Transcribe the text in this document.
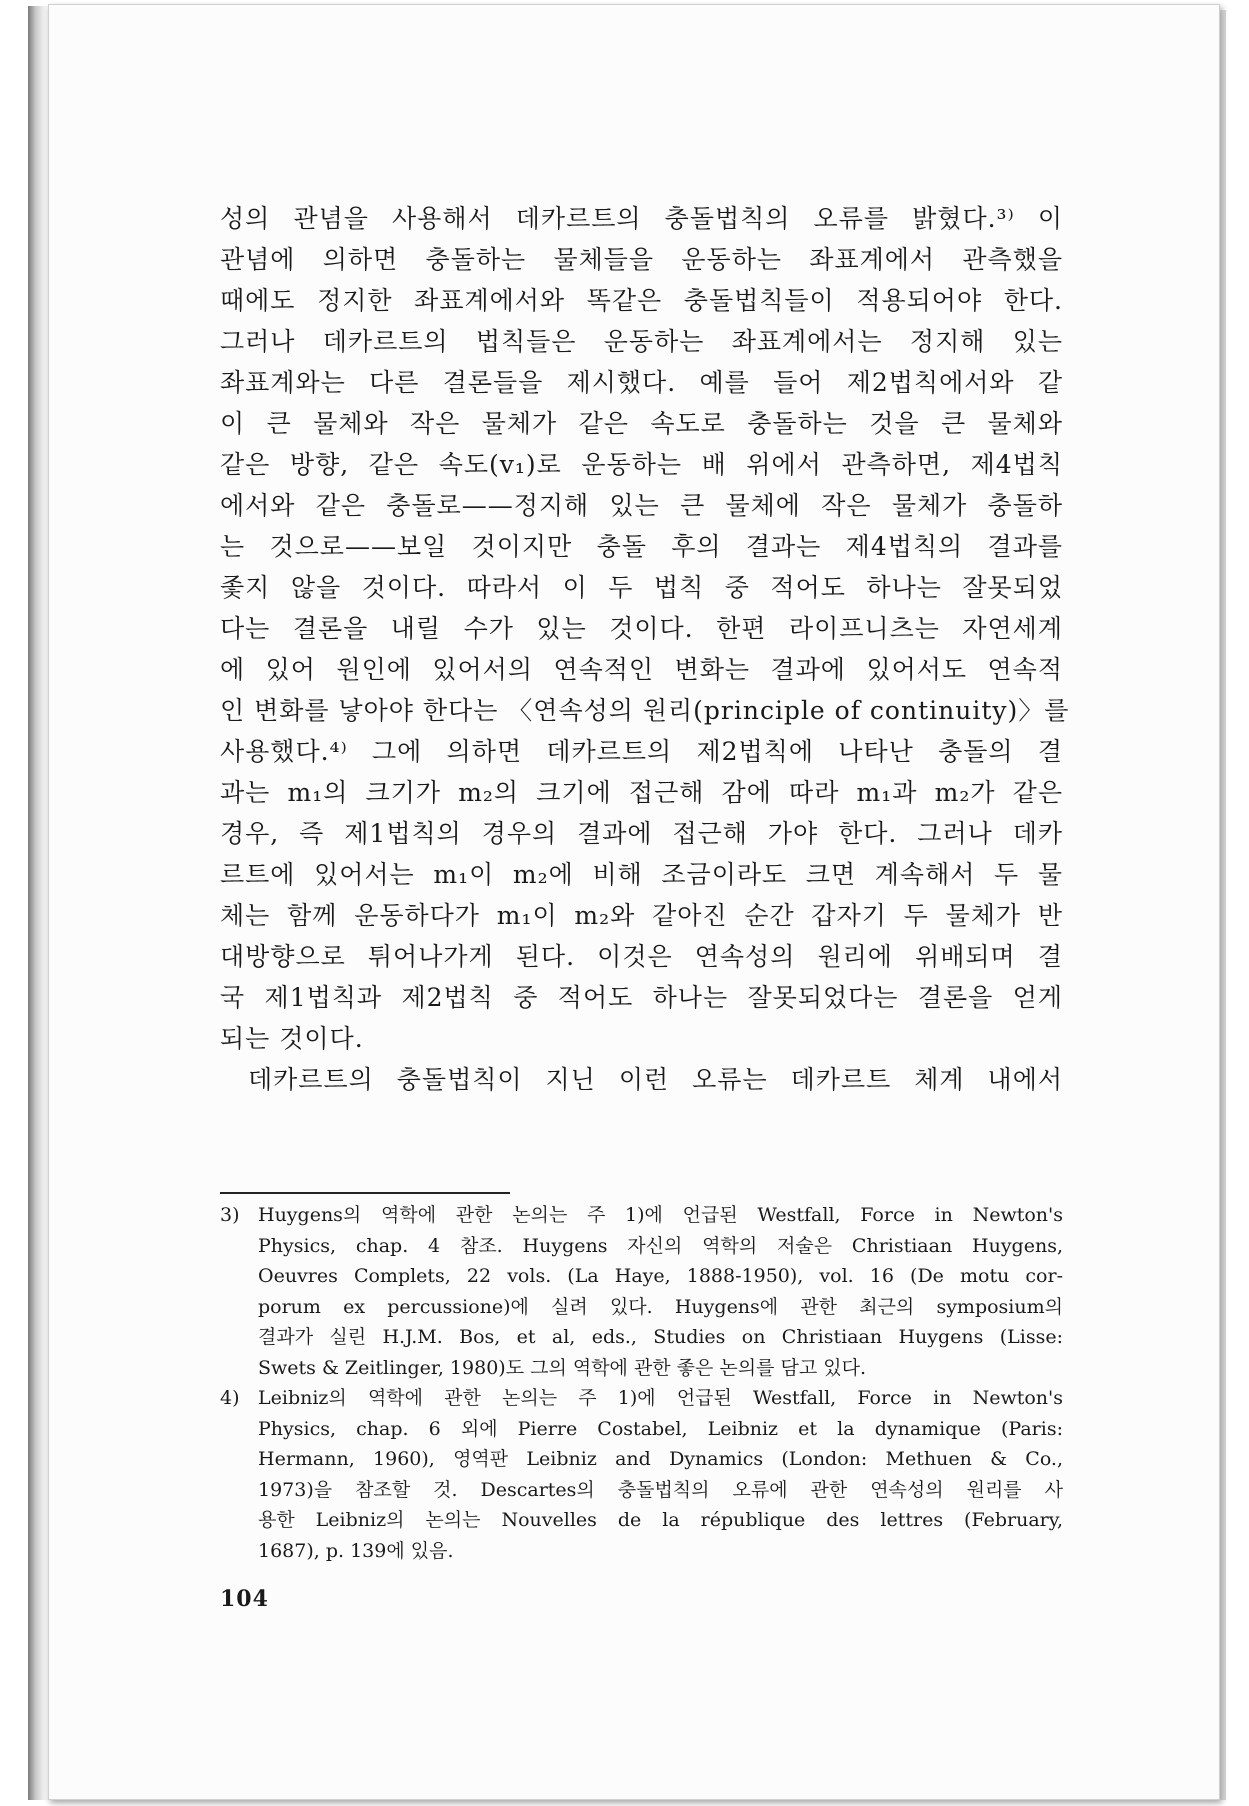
성의 관념을 사용해서 데카르트의 충돌법칙의 오류를 밝혔다.³⁾ 이
관념에 의하면 충돌하는 물체들을 운동하는 좌표계에서 관측했을
때에도 정지한 좌표계에서와 똑같은 충돌법칙들이 적용되어야 한다.
그러나 데카르트의 법칙들은 운동하는 좌표계에서는 정지해 있는
좌표계와는 다른 결론들을 제시했다. 예를 들어 제2법칙에서와 같
이 큰 물체와 작은 물체가 같은 속도로 충돌하는 것을 큰 물체와
같은 방향, 같은 속도(v₁)로 운동하는 배 위에서 관측하면, 제4법칙
에서와 같은 충돌로——정지해 있는 큰 물체에 작은 물체가 충돌하
는 것으로——보일 것이지만 충돌 후의 결과는 제4법칙의 결과를
좇지 않을 것이다. 따라서 이 두 법칙 중 적어도 하나는 잘못되었
다는 결론을 내릴 수가 있는 것이다. 한편 라이프니츠는 자연세계
에 있어 원인에 있어서의 연속적인 변화는 결과에 있어서도 연속적
인 변화를 낳아야 한다는 〈연속성의 원리(principle of continuity)〉를
사용했다.⁴⁾ 그에 의하면 데카르트의 제2법칙에 나타난 충돌의 결
과는 m₁의 크기가 m₂의 크기에 접근해 감에 따라 m₁과 m₂가 같은
경우, 즉 제1법칙의 경우의 결과에 접근해 가야 한다. 그러나 데카
르트에 있어서는 m₁이 m₂에 비해 조금이라도 크면 계속해서 두 물
체는 함께 운동하다가 m₁이 m₂와 같아진 순간 갑자기 두 물체가 반
대방향으로 튀어나가게 된다. 이것은 연속성의 원리에 위배되며 결
국 제1법칙과 제2법칙 중 적어도 하나는 잘못되었다는 결론을 얻게
되는 것이다.
데카르트의 충돌법칙이 지닌 이런 오류는 데카르트 체계 내에서
3) Huygens의 역학에 관한 논의는 주 1)에 언급된 Westfall, Force in Newton's
Physics, chap. 4 참조. Huygens 자신의 역학의 저술은 Christiaan Huygens,
Oeuvres Complets, 22 vols. (La Haye, 1888-1950), vol. 16 (De motu cor-
porum ex percussione)에 실려 있다. Huygens에 관한 최근의 symposium의
결과가 실린 H.J.M. Bos, et al, eds., Studies on Christiaan Huygens (Lisse:
Swets & Zeitlinger, 1980)도 그의 역학에 관한 좋은 논의를 담고 있다.
4) Leibniz의 역학에 관한 논의는 주 1)에 언급된 Westfall, Force in Newton's
Physics, chap. 6 외에 Pierre Costabel, Leibniz et la dynamique (Paris:
Hermann, 1960), 영역판 Leibniz and Dynamics (London: Methuen & Co.,
1973)을 참조할 것. Descartes의 충돌법칙의 오류에 관한 연속성의 원리를 사
용한 Leibniz의 논의는 Nouvelles de la république des lettres (February,
1687), p. 139에 있음.
104
